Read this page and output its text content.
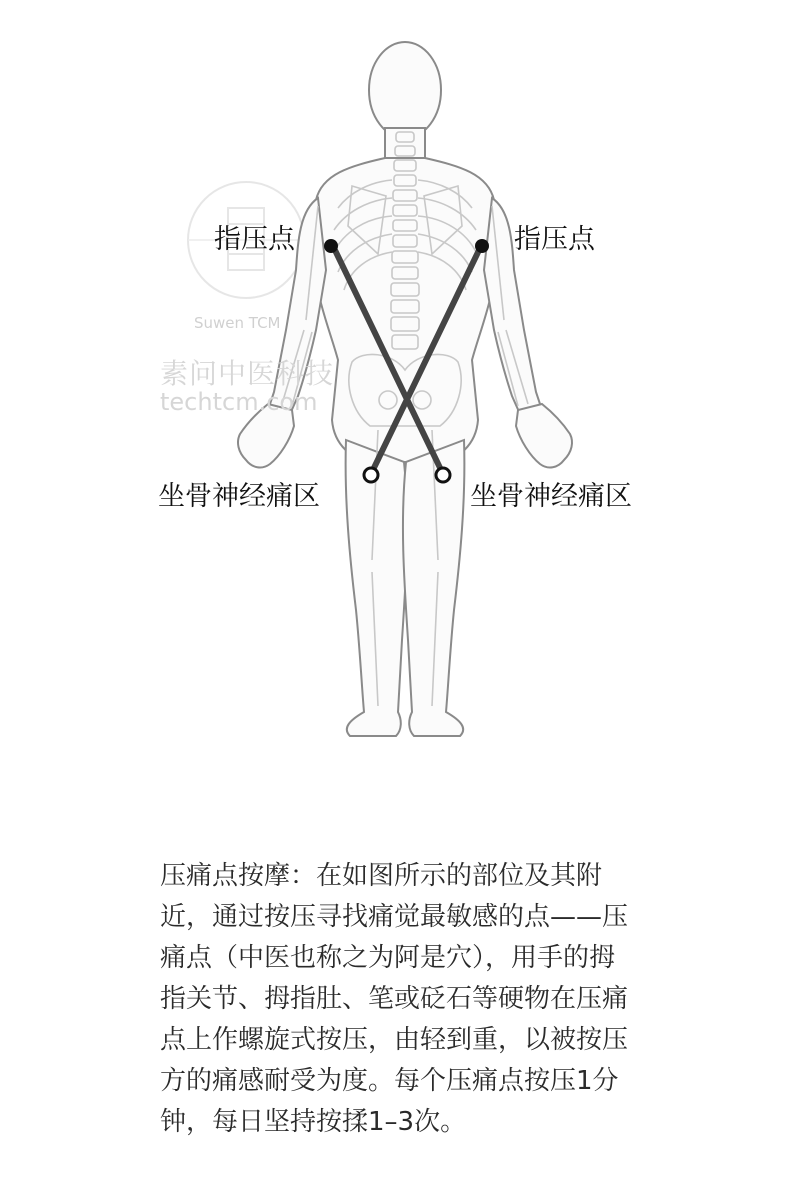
Suwen TCM
素问中医科技
techtcm.com
指压点	指压点
坐骨神经痛区	坐骨神经痛区

压痛点按摩：在如图所示的部位及其附近，通过按压寻找痛觉最敏感的点——压痛点（中医也称之为阿是穴），用手的拇指关节、拇指肚、笔或砭石等硬物在压痛点上作螺旋式按压，由轻到重，以被按压方的痛感耐受为度。每个压痛点按压1分钟，每日坚持按揉1–3次。
